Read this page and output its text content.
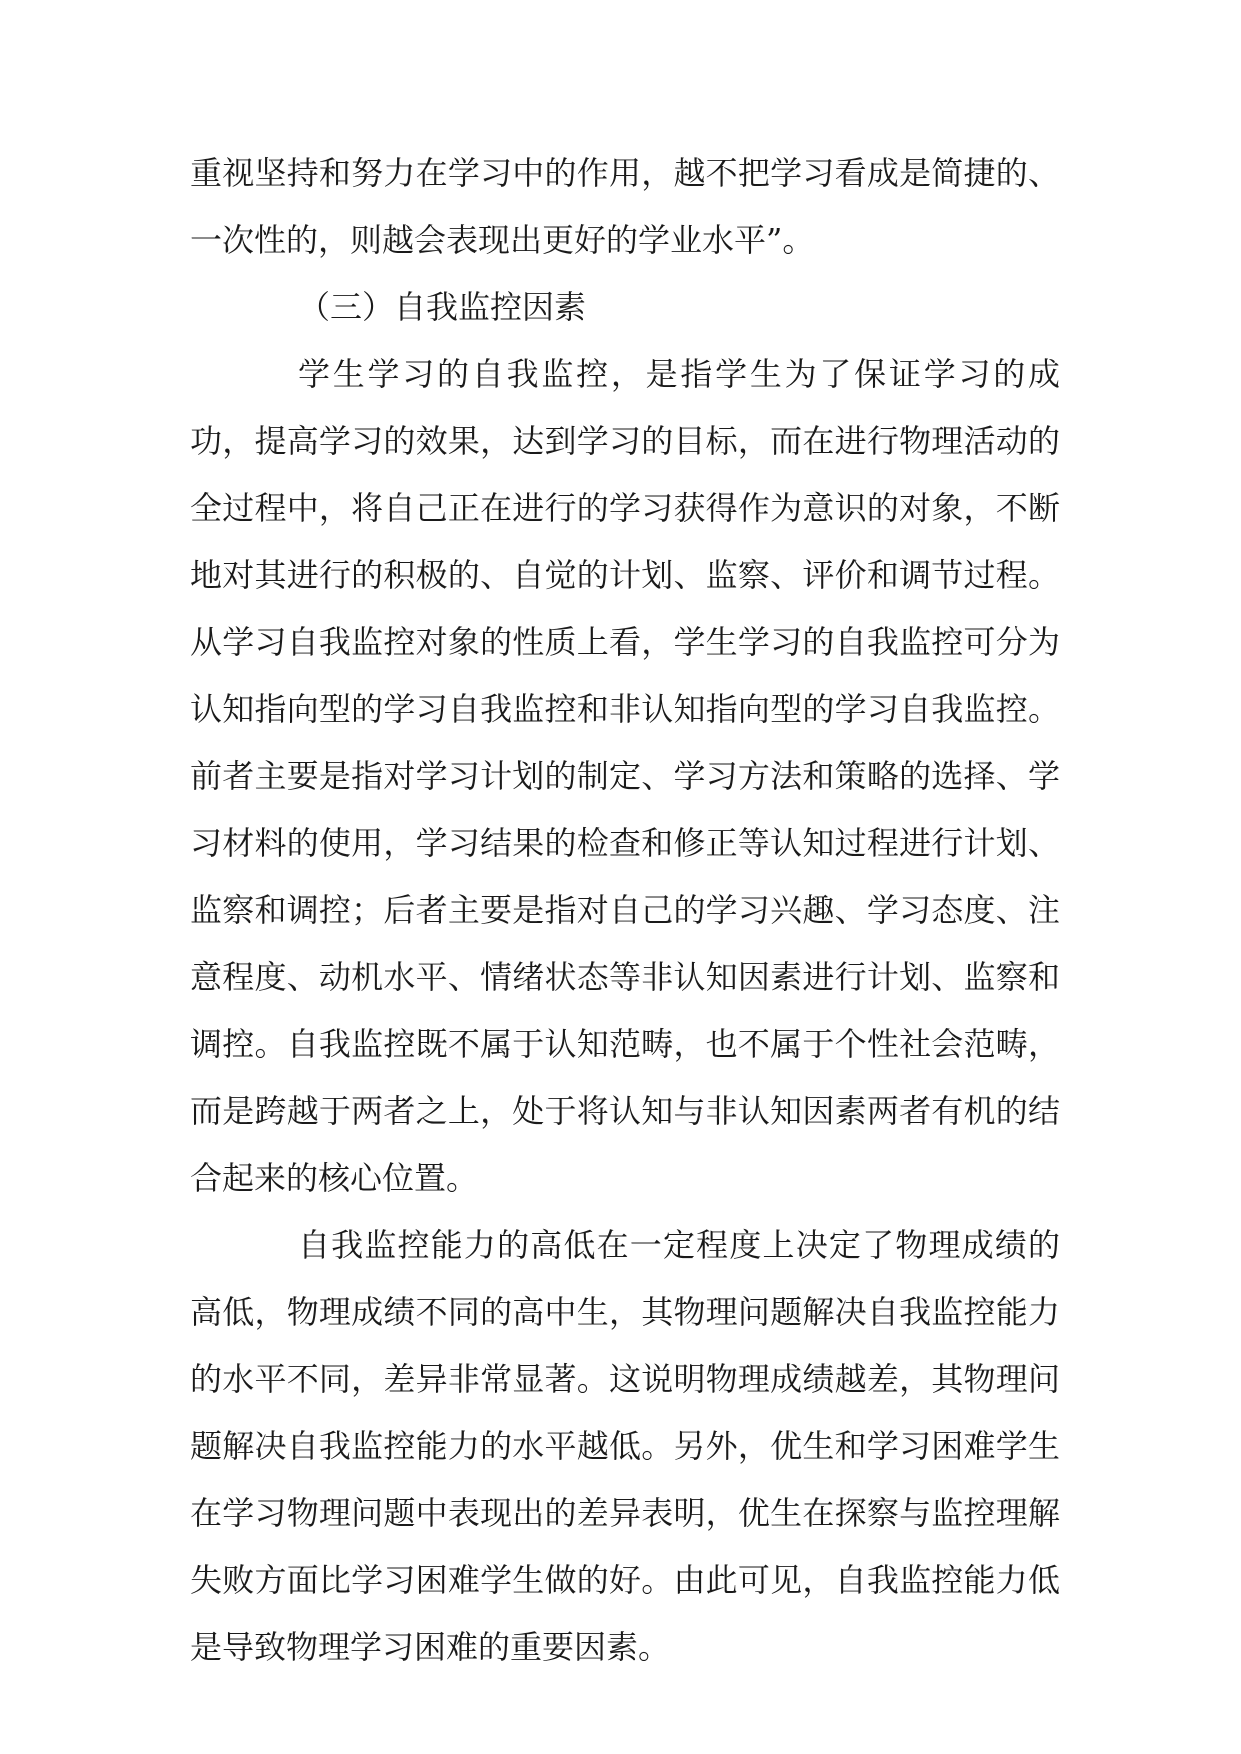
重视坚持和努力在学习中的作用，越不把学习看成是简捷的、一次性的，则越会表现出更好的学业水平”。

（三）自我监控因素

学生学习的自我监控，是指学生为了保证学习的成功，提高学习的效果，达到学习的目标，而在进行物理活动的全过程中，将自己正在进行的学习获得作为意识的对象，不断地对其进行的积极的、自觉的计划、监察、评价和调节过程。从学习自我监控对象的性质上看，学生学习的自我监控可分为认知指向型的学习自我监控和非认知指向型的学习自我监控。前者主要是指对学习计划的制定、学习方法和策略的选择、学习材料的使用，学习结果的检查和修正等认知过程进行计划、监察和调控；后者主要是指对自己的学习兴趣、学习态度、注意程度、动机水平、情绪状态等非认知因素进行计划、监察和调控。自我监控既不属于认知范畴，也不属于个性社会范畴，而是跨越于两者之上，处于将认知与非认知因素两者有机的结合起来的核心位置。

自我监控能力的高低在一定程度上决定了物理成绩的高低，物理成绩不同的高中生，其物理问题解决自我监控能力的水平不同，差异非常显著。这说明物理成绩越差，其物理问题解决自我监控能力的水平越低。另外，优生和学习困难学生在学习物理问题中表现出的差异表明，优生在探察与监控理解失败方面比学习困难学生做的好。由此可见，自我监控能力低是导致物理学习困难的重要因素。
